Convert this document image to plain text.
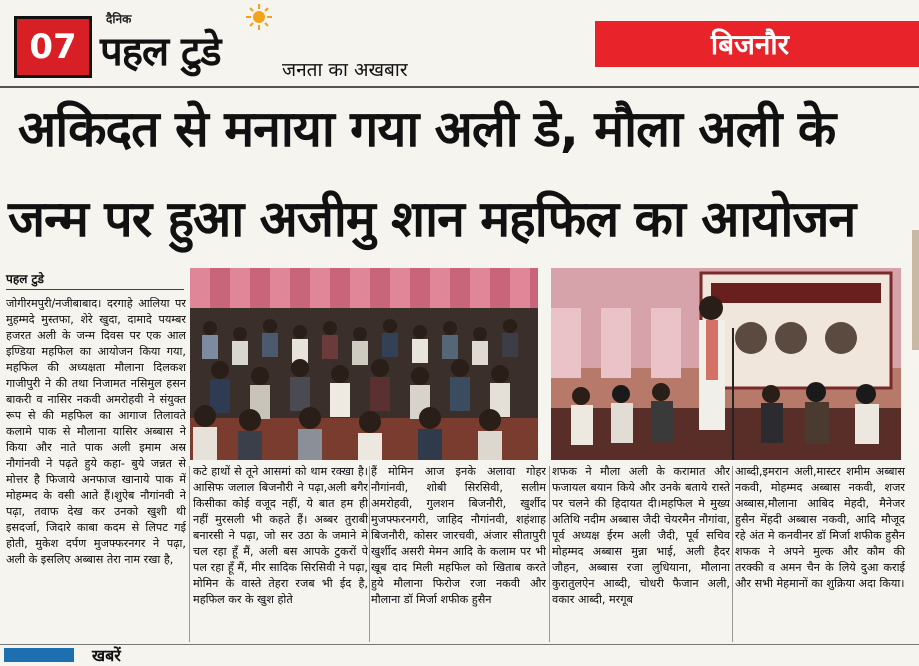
07
दैनिक
पहल टुडे	जनता का अखबार
बिजनौर
अकिदत से मनाया गया अली डे, मौला अली के
जन्म पर हुआ अजीमु शान महफिल का आयोजन
पहल टुडे
जोगीरमपुरी/नजीबाबाद। दरगाहे आलिया पर मुहम्मदे मुस्तफा, शेरे खुदा, दामादे पयम्बर हजरत अली के जन्म दिवस पर एक आल इण्डिया महफिल का आयोजन किया गया, महफिल की अध्यक्षता मौलाना दिलकश गाजीपुरी ने की तथा निजामत नसिमुल हसन बाकरी व नासिर नकवी अमरोहवी ने संयुक्त रूप से की महफिल का आगाज तिलावते कलामे पाक से मौलाना यासिर अब्बास ने किया और नाते पाक अली इमाम अस्र नौगांनवी ने पढ़ते हुये कहा- बुये जन्नत से मोत्तर है फिजाये अनफाज खानाये पाक में मोहम्मद के वसी आते हैं।शुऐब नौगांनवी ने पढ़ा, तवाफ देख कर उनको खुशी थी इसदर्जा, जिदारे काबा कदम से लिपट गई होती, मुकेश दर्पण मुजफ्फरनगर ने पढ़ा, अली के इसलिए अब्बास तेरा नाम रखा है,
कटे हाथों से तूने आसमां को थाम रक्खा है। आसिफ जलाल बिजनौरी ने पढ़ा,अली बगैर किसीका कोई वजूद नहीं, ये बात हम ही नहीं मुरसली भी कहते हैं। अब्बर तुराबी बनारसी ने पढ़ा, जो सर उठा के जमाने मे चल रहा हूँ मैं, अली बस आपके टुकरों पे पल रहा हूँ मैं, मीर सादिक सिरसिवी ने पढ़ा, मोमिन के वास्ते तेहरा रजब भी ईद है, महफिल कर के खुश होते
हैं मोमिन आज इनके अलावा गोहर नौगांनवी, शोबी सिरसिवी, सलीम अमरोहवी, गुलशन बिजनौरी, खुर्शीद मुजफ्फरनगरी, जाहिद नौगांनवी, शहंशाह बिजनौरी, कोसर जारचवी, अंजार सीतापुरी खुर्शीद असरी मेमन आदि के कलाम पर भी खूब दाद मिली महफिल को खिताब करते हुये मौलाना फिरोज रजा नकवी और मौलाना डॉ मिर्जा शफीक हुसैन
शफक ने मौला अली के करामात और फजायल बयान किये और उनके बताये रास्ते पर चलने की हिदायत दी।महफिल मे मुख्य अतिथि नदीम अब्बास जैदी चेयरमैन नौगांवा, पूर्व अध्यक्ष ईरम अली जैदी, पूर्व सचिव मोहम्मद अब्बास मुन्ना भाई, अली हैदर जौहन, अब्बास रजा लुधियाना, मौलाना कुरातुलऐन आब्दी, चोधरी फैजान अली, वकार आब्दी, मरगूब
आब्दी,इमरान अली,मास्टर शमीम अब्बास नकवी, मोहम्मद अब्बास नकवी, शजर अब्बास,मौलाना आबिद मेहदी, मैनेजर हुसैन मेंहदी अब्बास नकवी, आदि मौजूद रहे अंत मे कनवीनर डॉ मिर्जा शफीक हुसैन शफक ने अपने मुल्क और कौम की तरक्की व अमन चैन के लिये दुआ कराई और सभी मेहमानों का शुक्रिया अदा किया।
खबरें
